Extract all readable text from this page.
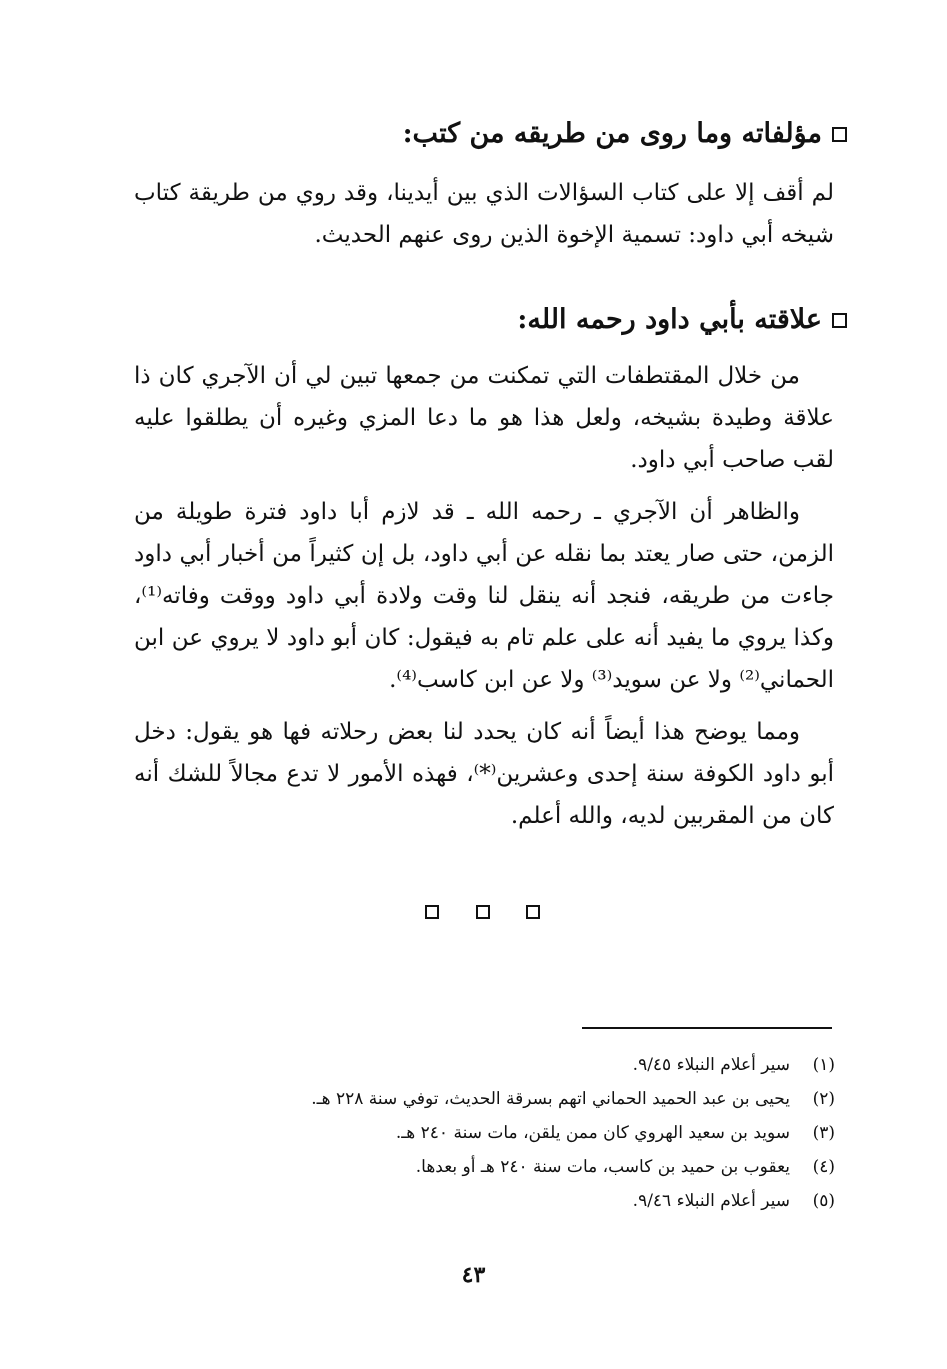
مؤلفاته وما روى من طريقه من كتب:

لم أقف إلا على كتاب السؤالات الذي بين أيدينا، وقد روي من طريقة كتاب شيخه أبي داود: تسمية الإخوة الذين روى عنهم الحديث.

علاقته بأبي داود رحمه الله:

من خلال المقتطفات التي تمكنت من جمعها تبين لي أن الآجري كان ذا علاقة وطيدة بشيخه، ولعل هذا هو ما دعا المزي وغيره أن يطلقوا عليه لقب صاحب أبي داود.

والظاهر أن الآجري ـ رحمه الله ـ قد لازم أبا داود فترة طويلة من الزمن، حتى صار يعتد بما نقله عن أبي داود، بل إن كثيراً من أخبار أبي داود جاءت من طريقه، فنجد أنه ينقل لنا وقت ولادة أبي داود ووقت وفاته⁽¹⁾، وكذا يروي ما يفيد أنه على علم تام به فيقول: كان أبو داود لا يروي عن ابن الحماني⁽²⁾ ولا عن سويد⁽³⁾ ولا عن ابن كاسب⁽⁴⁾.

ومما يوضح هذا أيضاً أنه كان يحدد لنا بعض رحلاته فها هو يقول: دخل أبو داود الكوفة سنة إحدى وعشرين⁽*⁾، فهذه الأمور لا تدع مجالاً للشك أنه كان من المقربين لديه، والله أعلم.

(١)سير أعلام النبلاء ٩/٤٥.
(٢)يحيى بن عبد الحميد الحماني اتهم بسرقة الحديث، توفي سنة ٢٢٨ هـ.
(٣)سويد بن سعيد الهروي كان ممن يلقن، مات سنة ٢٤٠ هـ.
(٤)يعقوب بن حميد بن كاسب، مات سنة ٢٤٠ هـ أو بعدها.
(٥)سير أعلام النبلاء ٩/٤٦.
٤٣
